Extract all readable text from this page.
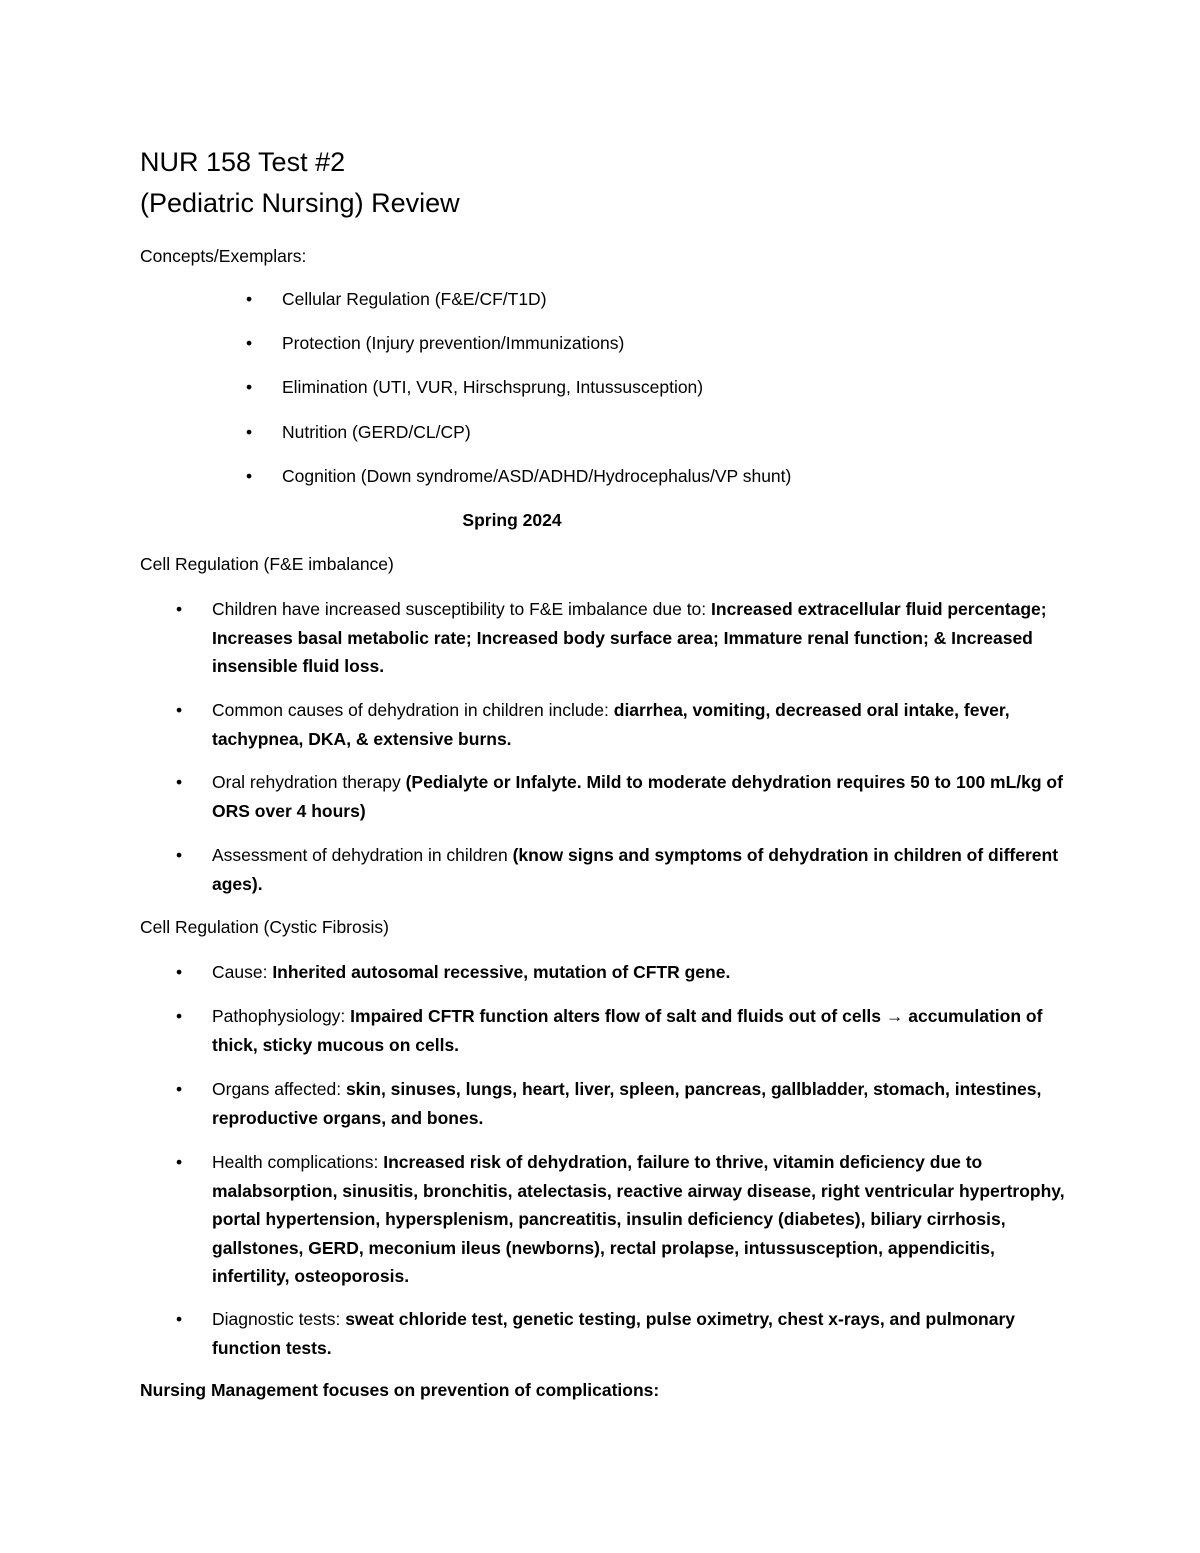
NUR 158 Test #2
(Pediatric Nursing) Review
Concepts/Exemplars:
•	Cellular Regulation (F&E/CF/T1D)
•	Protection (Injury prevention/Immunizations)
•	Elimination (UTI, VUR, Hirschsprung, Intussusception)
•	Nutrition (GERD/CL/CP)
•	Cognition (Down syndrome/ASD/ADHD/Hydrocephalus/VP shunt)
Spring 2024
Cell Regulation (F&E imbalance)
•	Children have increased susceptibility to F&E imbalance due to: Increased extracellular fluid percentage; Increases basal metabolic rate; Increased body surface area; Immature renal function; & Increased insensible fluid loss.
•	Common causes of dehydration in children include: diarrhea, vomiting, decreased oral intake, fever, tachypnea, DKA, & extensive burns.
•	Oral rehydration therapy (Pedialyte or Infalyte. Mild to moderate dehydration requires 50 to 100 mL/kg of ORS over 4 hours)
•	Assessment of dehydration in children (know signs and symptoms of dehydration in children of different ages).
Cell Regulation (Cystic Fibrosis)
•	Cause: Inherited autosomal recessive, mutation of CFTR gene.
•	Pathophysiology: Impaired CFTR function alters flow of salt and fluids out of cells → accumulation of thick, sticky mucous on cells.
•	Organs affected: skin, sinuses, lungs, heart, liver, spleen, pancreas, gallbladder, stomach, intestines, reproductive organs, and bones.
•	Health complications: Increased risk of dehydration, failure to thrive, vitamin deficiency due to malabsorption, sinusitis, bronchitis, atelectasis, reactive airway disease, right ventricular hypertrophy, portal hypertension, hypersplenism, pancreatitis, insulin deficiency (diabetes), biliary cirrhosis, gallstones, GERD, meconium ileus (newborns), rectal prolapse, intussusception, appendicitis, infertility, osteoporosis.
•	Diagnostic tests: sweat chloride test, genetic testing, pulse oximetry, chest x-rays, and pulmonary function tests.
Nursing Management focuses on prevention of complications:
